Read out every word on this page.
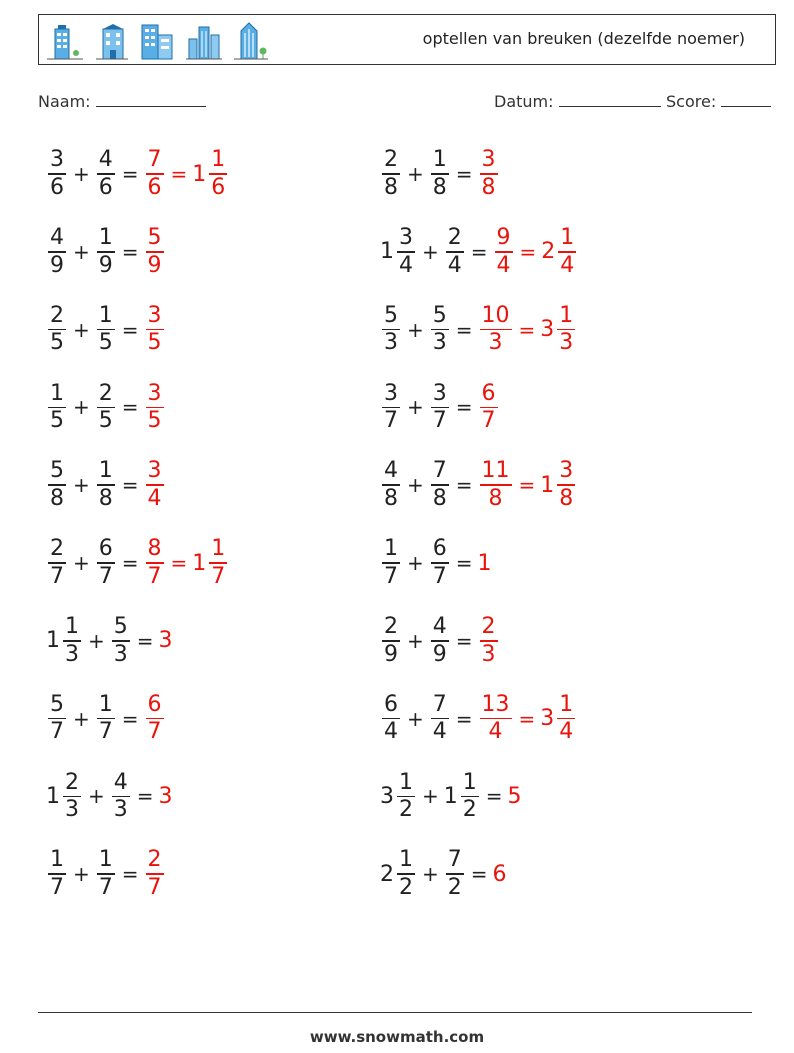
optellen van breuken (dezelfde noemer)
Naam:	Datum:	Score:
$\frac{3}{6} + \frac{4}{6} = \frac{7}{6} = 1 \frac{1}{6}$	$\frac{2}{8} + \frac{1}{8} = \frac{3}{8}$
$\frac{4}{9} + \frac{1}{9} = \frac{5}{9}$	$1 \frac{3}{4} + \frac{2}{4} = \frac{9}{4} = 2 \frac{1}{4}$
$\frac{2}{5} + \frac{1}{5} = \frac{3}{5}$	$\frac{5}{3} + \frac{5}{3} = \frac{10}{3} = 3 \frac{1}{3}$
$\frac{1}{5} + \frac{2}{5} = \frac{3}{5}$	$\frac{3}{7} + \frac{3}{7} = \frac{6}{7}$
$\frac{5}{8} + \frac{1}{8} = \frac{3}{4}$	$\frac{4}{8} + \frac{7}{8} = \frac{11}{8} = 1 \frac{3}{8}$
$\frac{2}{7} + \frac{6}{7} = \frac{8}{7} = 1 \frac{1}{7}$	$\frac{1}{7} + \frac{6}{7} = 1$
$1 \frac{1}{3} + \frac{5}{3} = 3$	$\frac{2}{9} + \frac{4}{9} = \frac{2}{3}$
$\frac{5}{7} + \frac{1}{7} = \frac{6}{7}$	$\frac{6}{4} + \frac{7}{4} = \frac{13}{4} = 3 \frac{1}{4}$
$1 \frac{2}{3} + \frac{4}{3} = 3$	$3 \frac{1}{2} + 1 \frac{1}{2} = 5$
$\frac{1}{7} + \frac{1}{7} = \frac{2}{7}$	$2 \frac{1}{2} + \frac{7}{2} = 6$
www.snowmath.com
